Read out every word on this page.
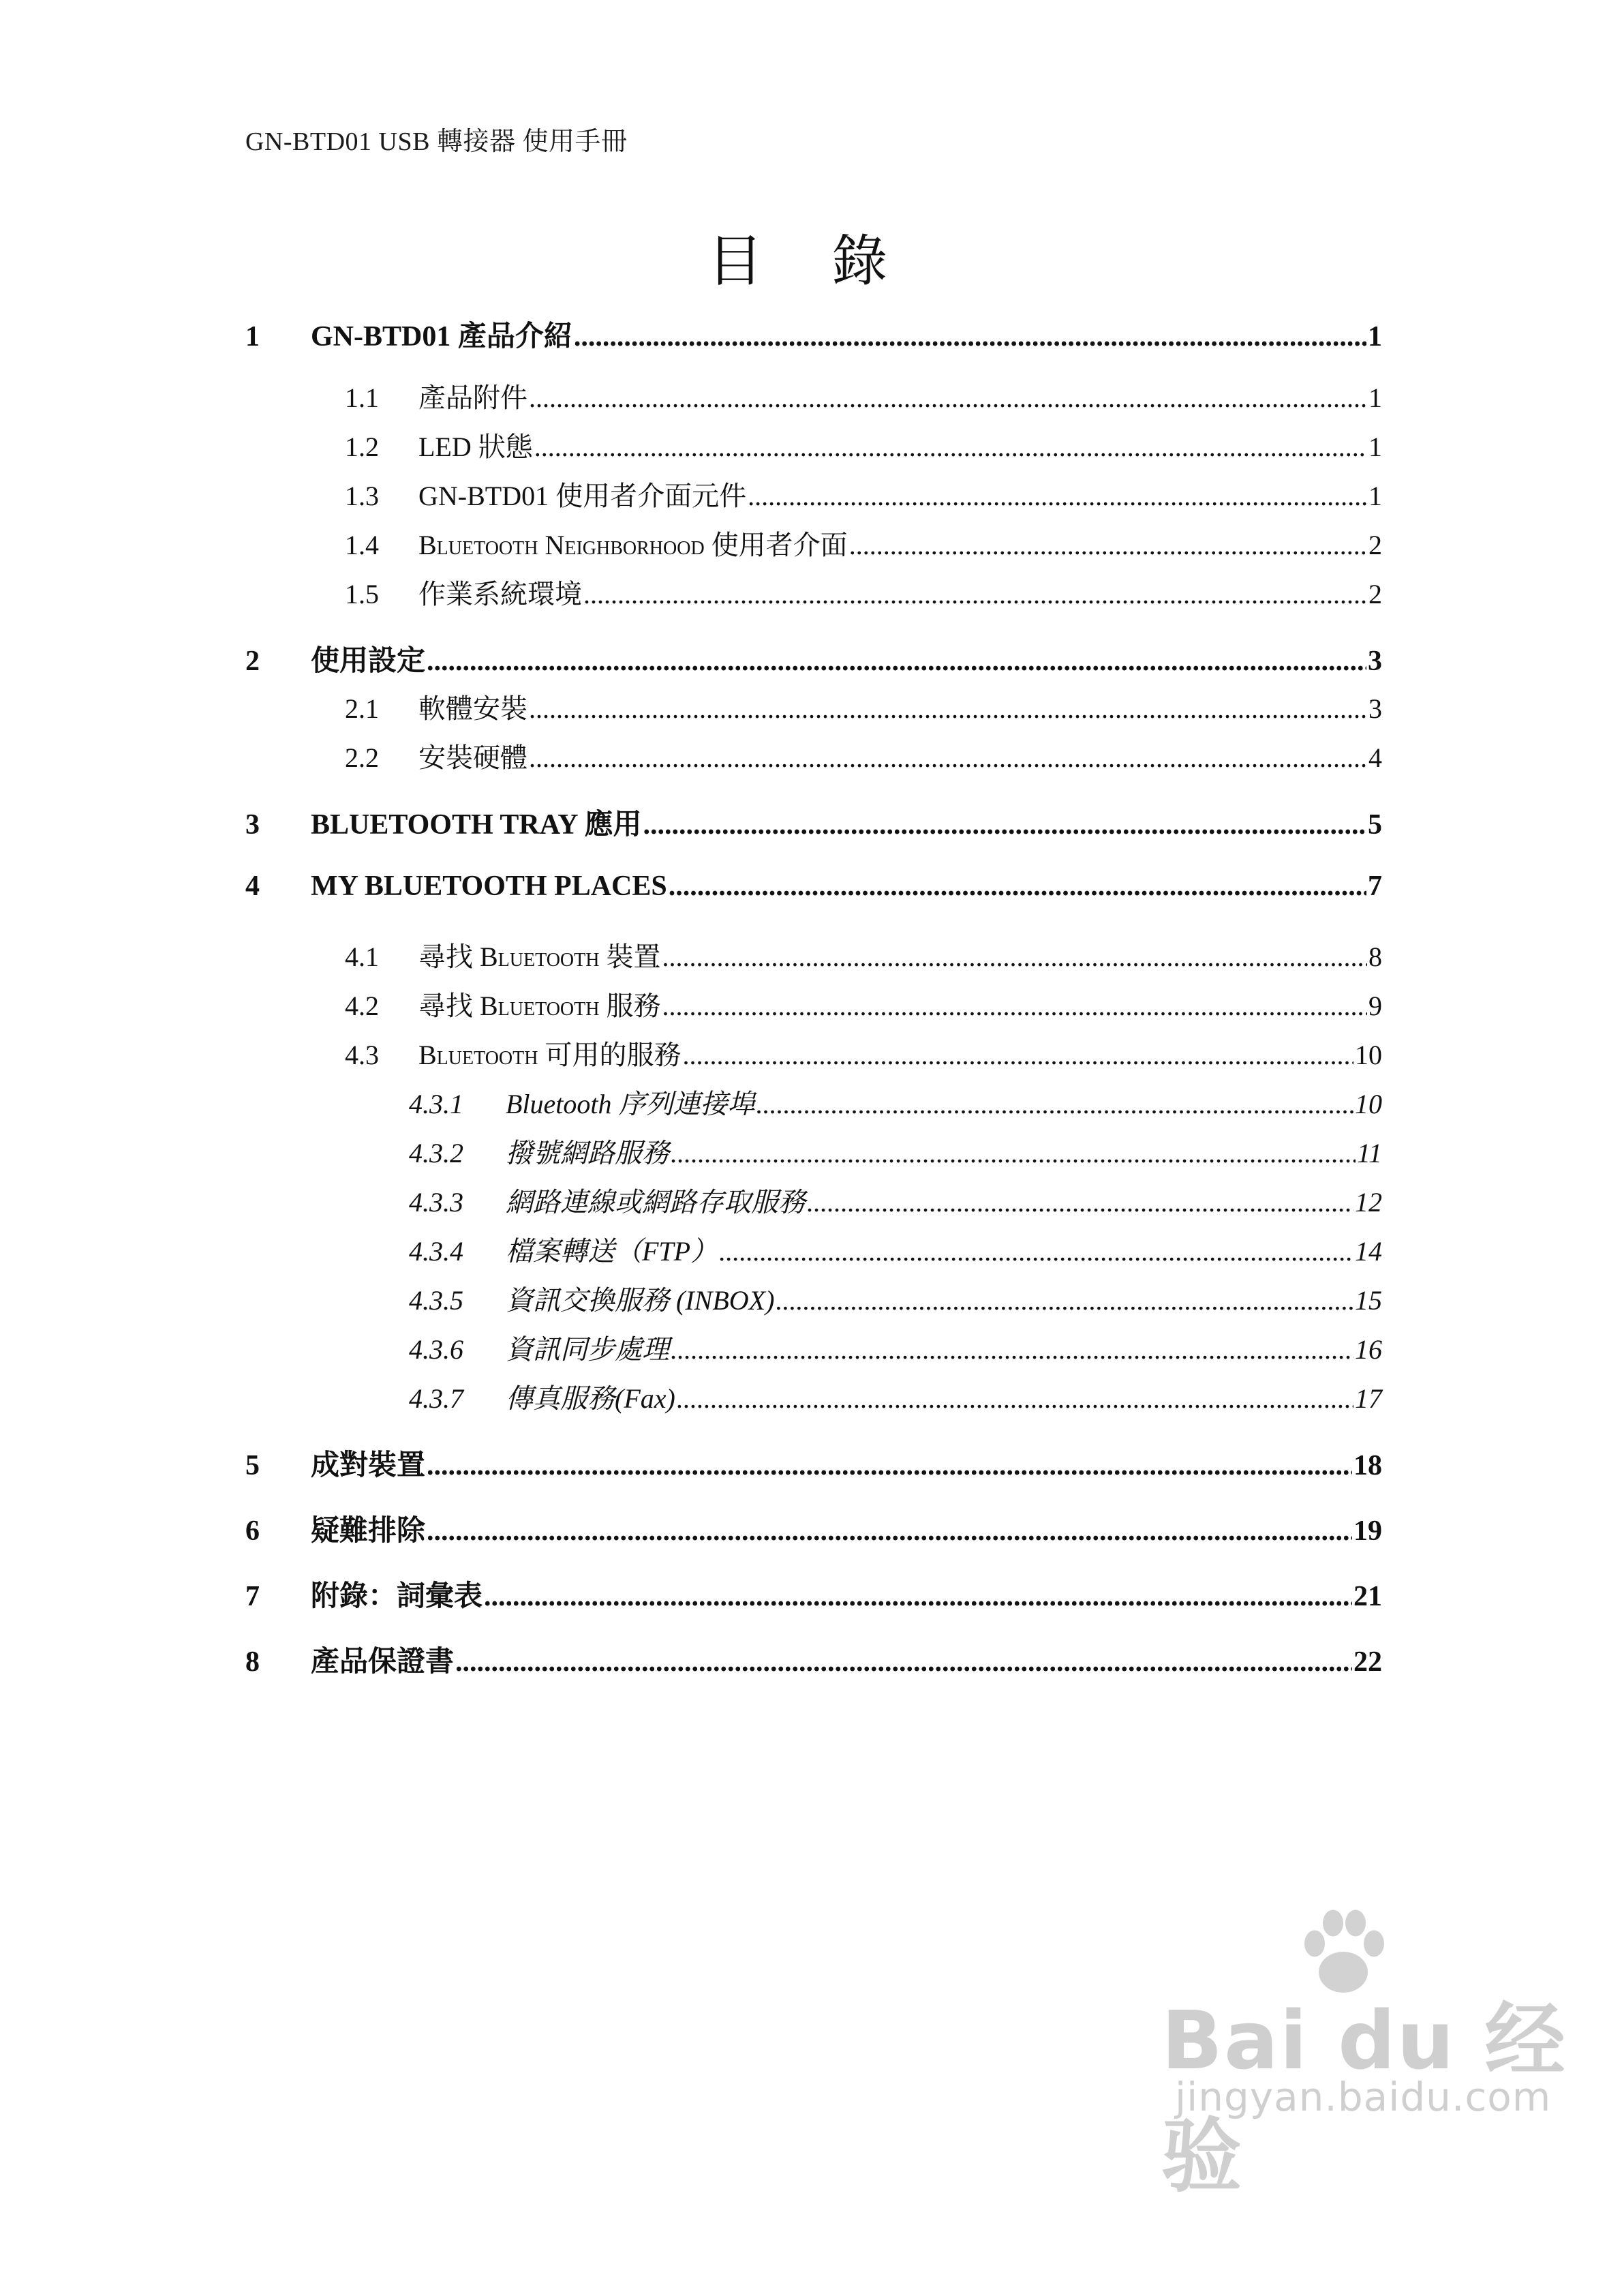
GN-BTD01 USB 轉接器 使用手冊
目 錄
1	GN-BTD01 產品介紹 .....	1
1.1	產品附件 .....	1
1.2	LED 狀態 .....	1
1.3	GN-BTD01 使用者介面元件 .....	1
1.4	Bluetooth Neighborhood 使用者介面 .....	2
1.5	作業系統環境 .....	2
2	使用設定 .....	3
2.1	軟體安裝 .....	3
2.2	安裝硬體 .....	4
3	BLUETOOTH TRAY 應用 .....	5
4	MY BLUETOOTH PLACES .....	7
4.1	尋找 Bluetooth 裝置 .....	8
4.2	尋找 Bluetooth 服務 .....	9
4.3	Bluetooth 可用的服務 .....	10
4.3.1	Bluetooth 序列連接埠 .....	10
4.3.2	撥號網路服務 .....	11
4.3.3	網路連線或網路存取服務 .....	12
4.3.4	檔案轉送（FTP） .....	14
4.3.5	資訊交換服務 (INBOX) .....	15
4.3.6	資訊同步處理 .....	16
4.3.7	傳真服務(Fax) .....	17
5	成對裝置 .....	18
6	疑難排除 .....	19
7	附錄：詞彙表 .....	21
8	產品保證書 .....	22
Bai du 经验
jingyan.baidu.com
